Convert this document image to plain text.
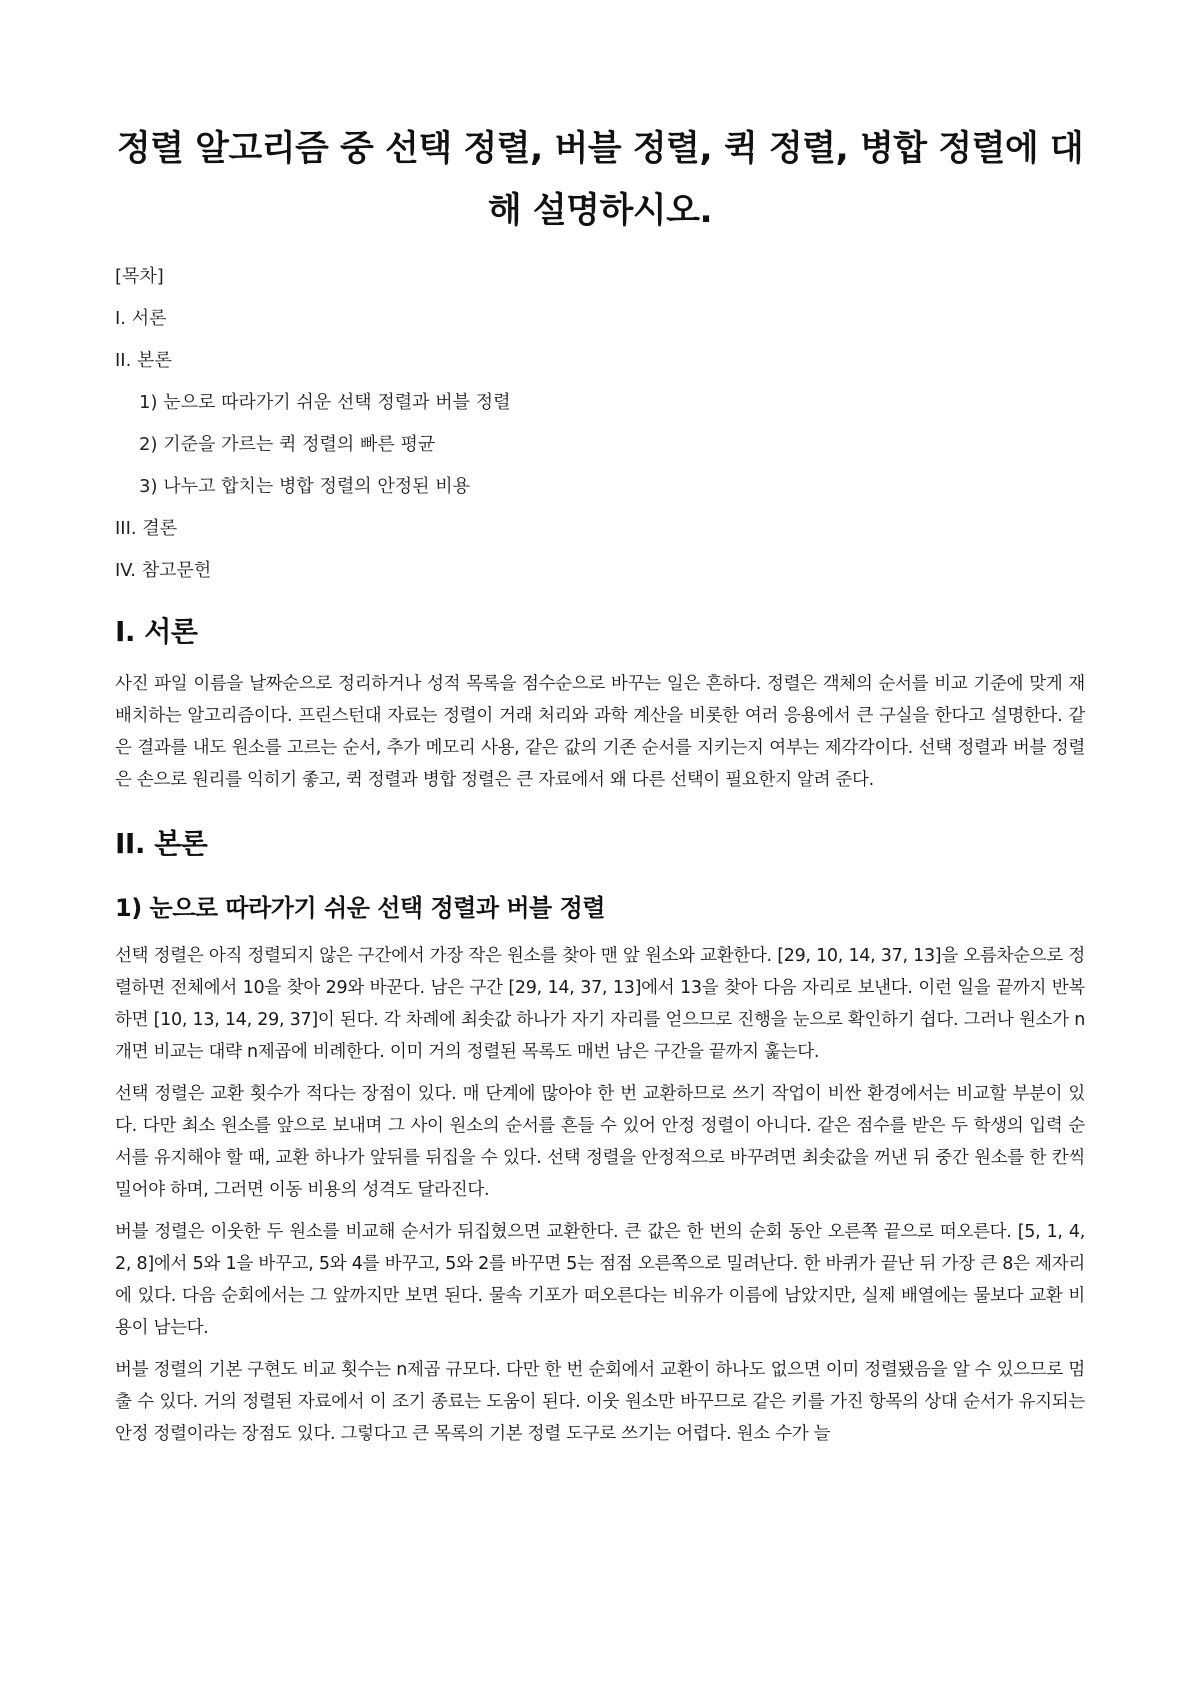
정렬 알고리즘 중 선택 정렬, 버블 정렬, 퀵 정렬, 병합 정렬에 대해 설명하시오.
[목차]
I. 서론
II. 본론
1) 눈으로 따라가기 쉬운 선택 정렬과 버블 정렬
2) 기준을 가르는 퀵 정렬의 빠른 평균
3) 나누고 합치는 병합 정렬의 안정된 비용
III. 결론
IV. 참고문헌
I. 서론

사진 파일 이름을 날짜순으로 정리하거나 성적 목록을 점수순으로 바꾸는 일은 흔하다. 정렬은 객체의 순서를 비교 기준에 맞게 재배치하는 알고리즘이다. 프린스턴대 자료는 정렬이 거래 처리와 과학 계산을 비롯한 여러 응용에서 큰 구실을 한다고 설명한다. 같은 결과를 내도 원소를 고르는 순서, 추가 메모리 사용, 같은 값의 기존 순서를 지키는지 여부는 제각각이다. 선택 정렬과 버블 정렬은 손으로 원리를 익히기 좋고, 퀵 정렬과 병합 정렬은 큰 자료에서 왜 다른 선택이 필요한지 알려 준다.

II. 본론
1) 눈으로 따라가기 쉬운 선택 정렬과 버블 정렬

선택 정렬은 아직 정렬되지 않은 구간에서 가장 작은 원소를 찾아 맨 앞 원소와 교환한다. [29, 10, 14, 37, 13]을 오름차순으로 정렬하면 전체에서 10을 찾아 29와 바꾼다. 남은 구간 [29, 14, 37, 13]에서 13을 찾아 다음 자리로 보낸다. 이런 일을 끝까지 반복하면 [10, 13, 14, 29, 37]이 된다. 각 차례에 최솟값 하나가 자기 자리를 얻으므로 진행을 눈으로 확인하기 쉽다. 그러나 원소가 n개면 비교는 대략 n제곱에 비례한다. 이미 거의 정렬된 목록도 매번 남은 구간을 끝까지 훑는다.

선택 정렬은 교환 횟수가 적다는 장점이 있다. 매 단계에 많아야 한 번 교환하므로 쓰기 작업이 비싼 환경에서는 비교할 부분이 있다. 다만 최소 원소를 앞으로 보내며 그 사이 원소의 순서를 흔들 수 있어 안정 정렬이 아니다. 같은 점수를 받은 두 학생의 입력 순서를 유지해야 할 때, 교환 하나가 앞뒤를 뒤집을 수 있다. 선택 정렬을 안정적으로 바꾸려면 최솟값을 꺼낸 뒤 중간 원소를 한 칸씩 밀어야 하며, 그러면 이동 비용의 성격도 달라진다.

버블 정렬은 이웃한 두 원소를 비교해 순서가 뒤집혔으면 교환한다. 큰 값은 한 번의 순회 동안 오른쪽 끝으로 떠오른다. [5, 1, 4, 2, 8]에서 5와 1을 바꾸고, 5와 4를 바꾸고, 5와 2를 바꾸면 5는 점점 오른쪽으로 밀려난다. 한 바퀴가 끝난 뒤 가장 큰 8은 제자리에 있다. 다음 순회에서는 그 앞까지만 보면 된다. 물속 기포가 떠오른다는 비유가 이름에 남았지만, 실제 배열에는 물보다 교환 비용이 남는다.

버블 정렬의 기본 구현도 비교 횟수는 n제곱 규모다. 다만 한 번 순회에서 교환이 하나도 없으면 이미 정렬됐음을 알 수 있으므로 멈출 수 있다. 거의 정렬된 자료에서 이 조기 종료는 도움이 된다. 이웃 원소만 바꾸므로 같은 키를 가진 항목의 상대 순서가 유지되는 안정 정렬이라는 장점도 있다. 그렇다고 큰 목록의 기본 정렬 도구로 쓰기는 어렵다. 원소 수가 늘
